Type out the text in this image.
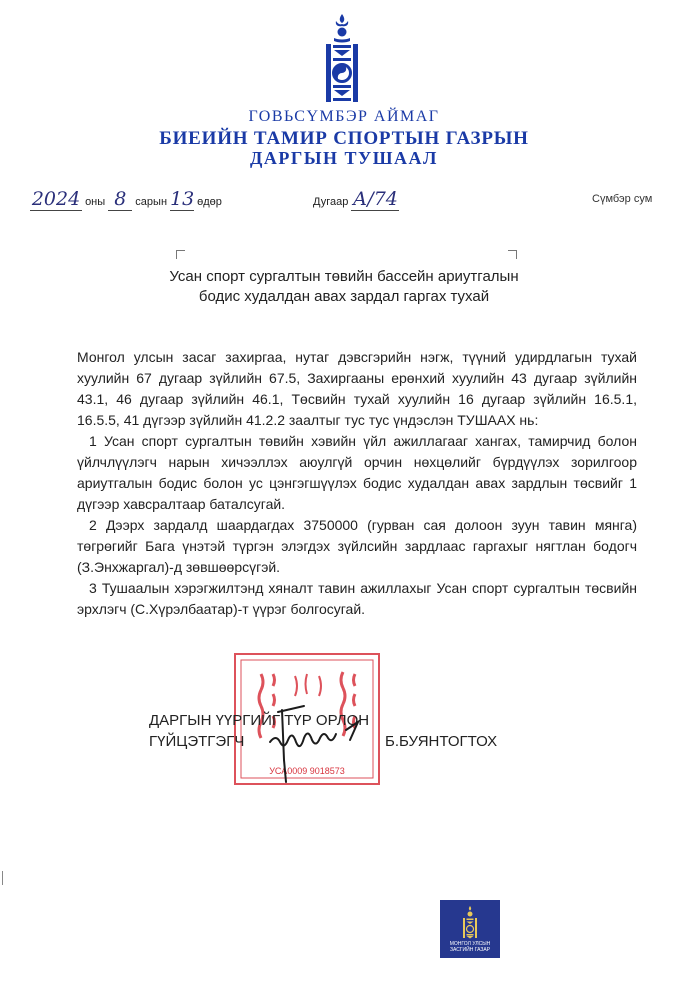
ГОВЬСҮМБЭР АЙМАГ
БИЕИЙН ТАМИР СПОРТЫН ГАЗРЫН
ДАРГЫН ТУШААЛ
2024 оны 8 сарын 13 өдөр	Дугаар А/74	Сүмбэр сум
Усан спорт сургалтын төвийн бассейн ариутгалын
бодис худалдан авах зардал гаргах тухай

Монгол улсын засаг захиргаа, нутаг дэвсгэрийн нэгж, түүний удирдлагын тухай хуулийн 67 дугаар зүйлийн 67.5, Захиргааны ерөнхий хуулийн 43 дугаар зүйлийн 43.1, 46 дугаар зүйлийн 46.1, Төсвийн тухай хуулийн 16 дугаар зүйлийн 16.5.1, 16.5.5, 41 дүгээр зүйлийн 41.2.2 заалтыг тус тус үндэслэн ТУШААХ нь:

1 Усан спорт сургалтын төвийн хэвийн үйл ажиллагааг хангах, тамирчид болон үйлчлүүлэгч нарын хичээллэх аюулгүй орчин нөхцөлийг бүрдүүлэх зорилгоор ариутгалын бодис болон ус цэнгэгшүүлэх бодис худалдан авах зардлын төсвийг 1 дүгээр хавсралтаар баталсугай.

2 Дээрх зардалд шаардагдах 3750000 (гурван сая долоон зуун тавин мянга) төгрөгийг Бага үнэтэй түргэн элэгдэх зүйлсийн зардлаас гаргахыг нягтлан бодогч (З.Энхжаргал)-д зөвшөөрсүгэй.

3 Тушаалын хэрэгжилтэнд хяналт тавин ажиллахыг Усан спорт сургалтын төсвийн эрхлэгч (С.Хүрэлбаатар)-т үүрэг болгосугай.

УСА0009 9018573
ДАРГЫН ҮҮРГИЙГ ТҮР ОРЛОН
ГҮЙЦЭТГЭГЧ	Б.БУЯНТОГТОХ
МОНГОЛ УЛСЫН
ЗАСГИЙН ГАЗАР
